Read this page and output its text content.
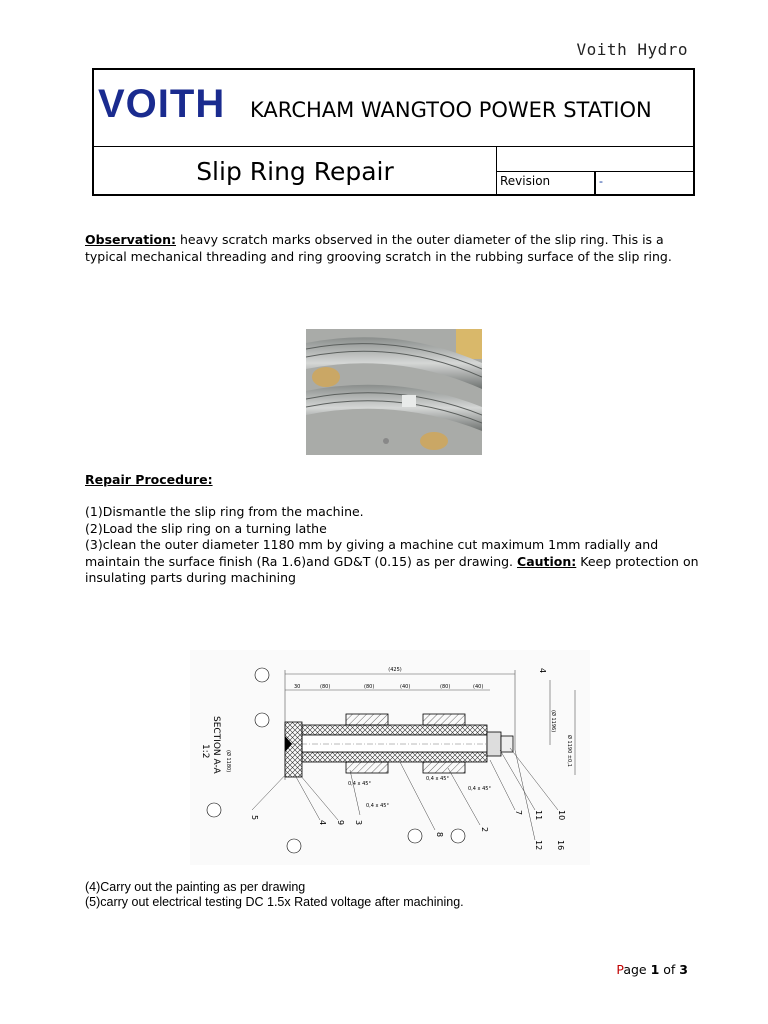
Voith Hydro
VOITH KARCHAM WANGTOO POWER STATION
Slip Ring Repair	Revision	-
Observation: heavy scratch marks observed in the outer diameter of the slip ring. This is a typical mechanical threading and ring grooving scratch in the rubbing surface of the slip ring.
Repair Procedure:
(1)Dismantle the slip ring from the machine.
(2)Load the slip ring on a turning lathe
(3)clean the outer diameter 1180 mm by giving a machine cut maximum 1mm radially and maintain the surface finish (Ra 1.6)and GD&T (0.15) as per drawing. Caution: Keep protection on insulating parts during machining
(425)
30	(80)	(80)	(40)	(80)	(40)
(Ø 1196)
Ø 1190 ±0,1
(Ø 1180)
SECTION A-A
1:2
0,4 x 45°
0,4 x 45°
0,4 x 45°
0,4 x 45°
4
5
4 9 3
8
2
7 11 10
12 16
(4)Carry out the painting as per drawing
(5)carry out electrical testing DC 1.5x Rated voltage after machining.
Page 1 of 3
